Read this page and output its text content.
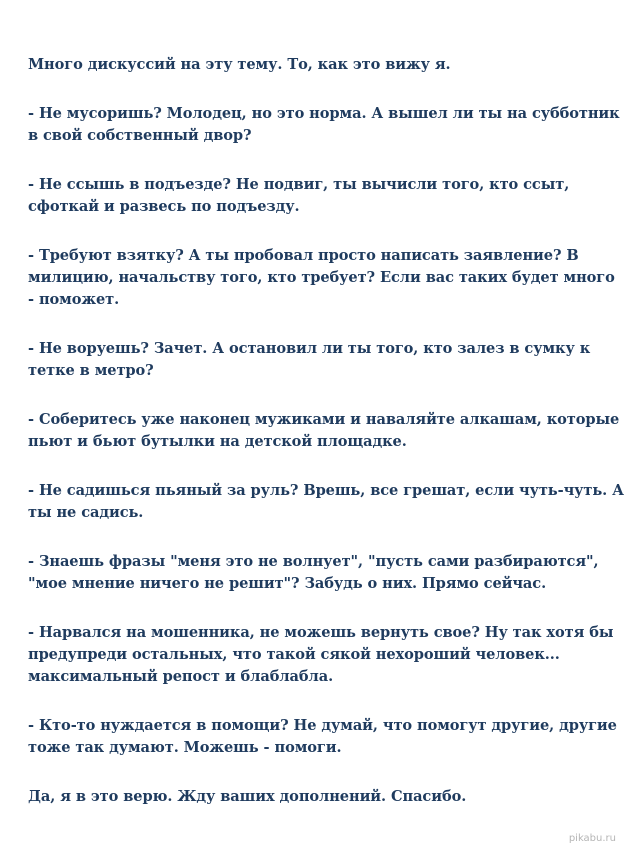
Много дискуссий на эту тему. То, как это вижу я.

- Не мусоришь? Молодец, но это норма. А вышел ли ты на субботник
в свой собственный двор?

- Не ссышь в подъезде? Не подвиг, ты вычисли того, кто ссыт,
сфоткай и развесь по подъезду.

- Требуют взятку? А ты пробовал просто написать заявление? В
милицию, начальству того, кто требует? Если вас таких будет много
- поможет.

- Не воруешь? Зачет. А остановил ли ты того, кто залез в сумку к
тетке в метро?

- Соберитесь уже наконец мужиками и наваляйте алкашам, которые
пьют и бьют бутылки на детской площадке.

- Не садишься пьяный за руль? Врешь, все грешат, если чуть-чуть. А
ты не садись.

- Знаешь фразы "меня это не волнует", "пусть сами разбираются",
"мое мнение ничего не решит"? Забудь о них. Прямо сейчас.

- Нарвался на мошенника, не можешь вернуть свое? Ну так хотя бы
предупреди остальных, что такой сякой нехороший человек...
максимальный репост и блаблабла.

- Кто-то нуждается в помощи? Не думай, что помогут другие, другие
тоже так думают. Можешь - помоги.

Да, я в это верю. Жду ваших дополнений. Спасибо.

pikabu.ru
